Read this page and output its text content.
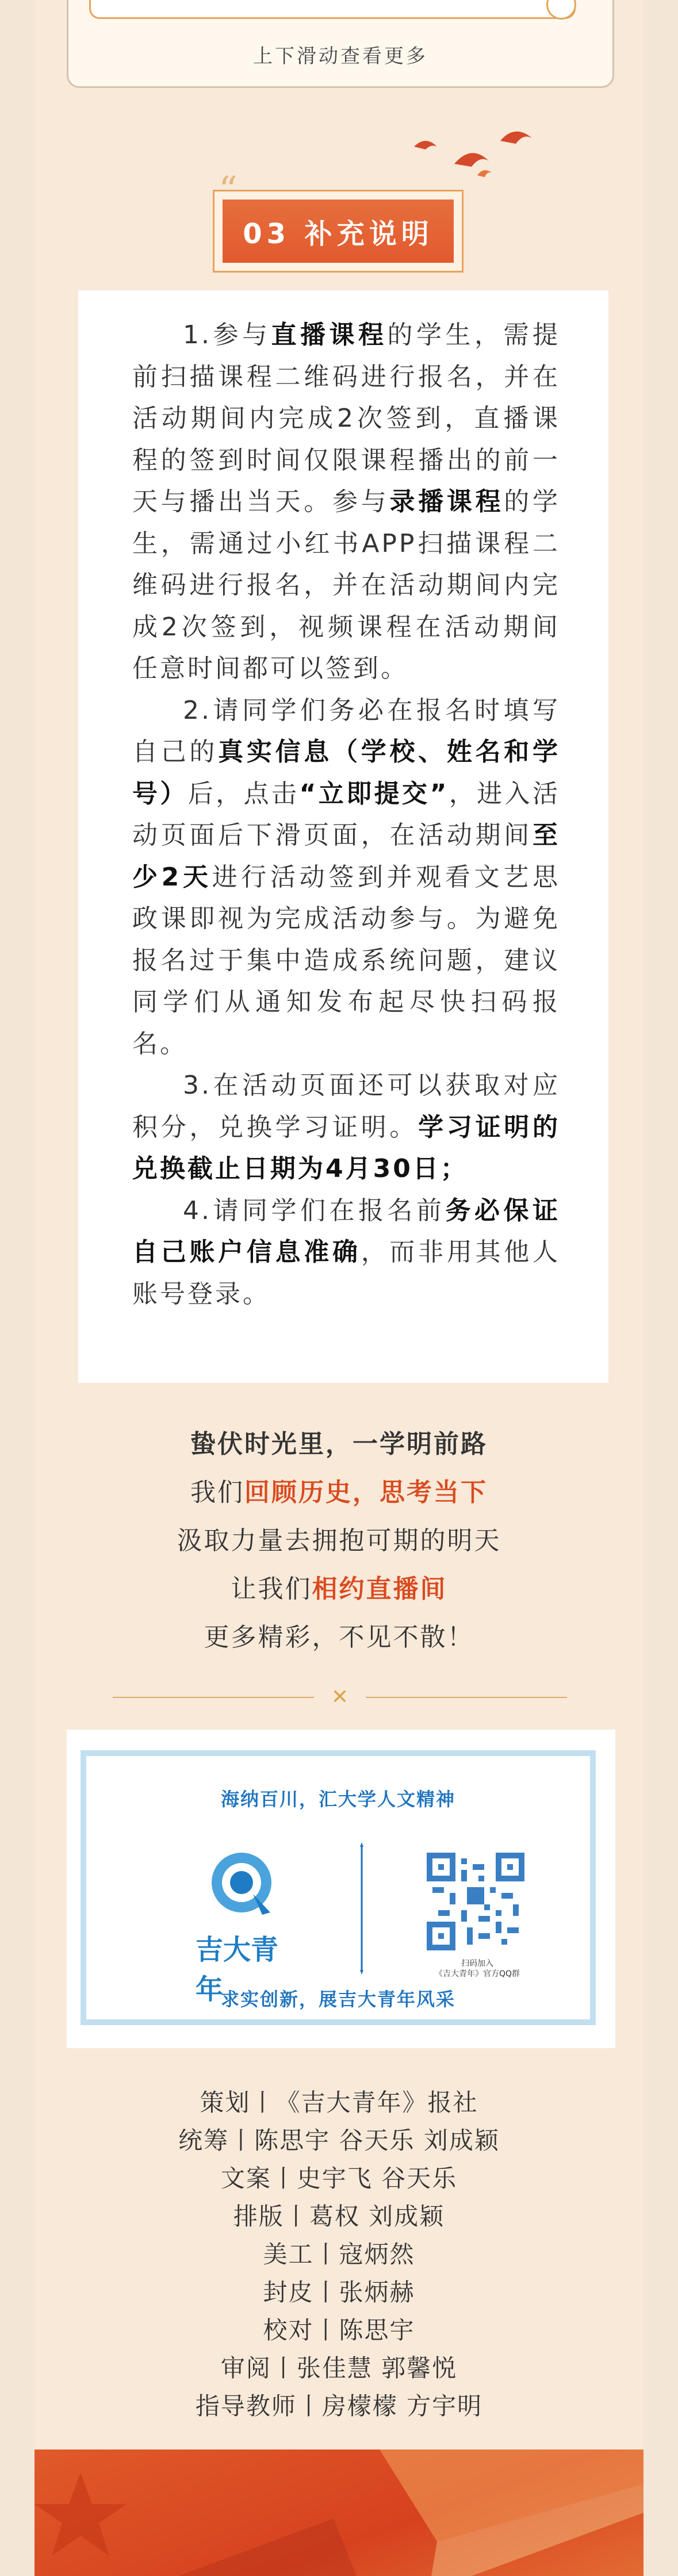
上下滑动查看更多
03 补充说明

1.参与直播课程的学生，需提前扫描课程二维码进行报名，并在活动期间内完成2次签到，直播课程的签到时间仅限课程播出的前一天与播出当天。参与录播课程的学生，需通过小红书APP扫描课程二维码进行报名，并在活动期间内完成2次签到，视频课程在活动期间任意时间都可以签到。

2.请同学们务必在报名时填写自己的真实信息（学校、姓名和学号）后，点击“立即提交”，进入活动页面后下滑页面，在活动期间至少2天进行活动签到并观看文艺思政课即视为完成活动参与。为避免报名过于集中造成系统问题，建议同学们从通知发布起尽快扫码报名。

3.在活动页面还可以获取对应积分，兑换学习证明。学习证明的兑换截止日期为4月30日；

4.请同学们在报名前务必保证自己账户信息准确，而非用其他人账号登录。

蛰伏时光里，一学明前路
我们回顾历史，思考当下
汲取力量去拥抱可期的明天
让我们相约直播间
更多精彩，不见不散！
✕
海纳百川，汇大学人文精神
吉大青年
扫码加入
《吉大青年》官方QQ群
求实创新，展吉大青年风采
策划丨《吉大青年》报社
统筹丨陈思宇 谷天乐 刘成颖
文案丨史宇飞 谷天乐
排版丨葛权 刘成颖
美工丨寇炳然
封皮丨张炳赫
校对丨陈思宇
审阅丨张佳慧 郭馨悦
指导教师丨房檬檬 方宇明
